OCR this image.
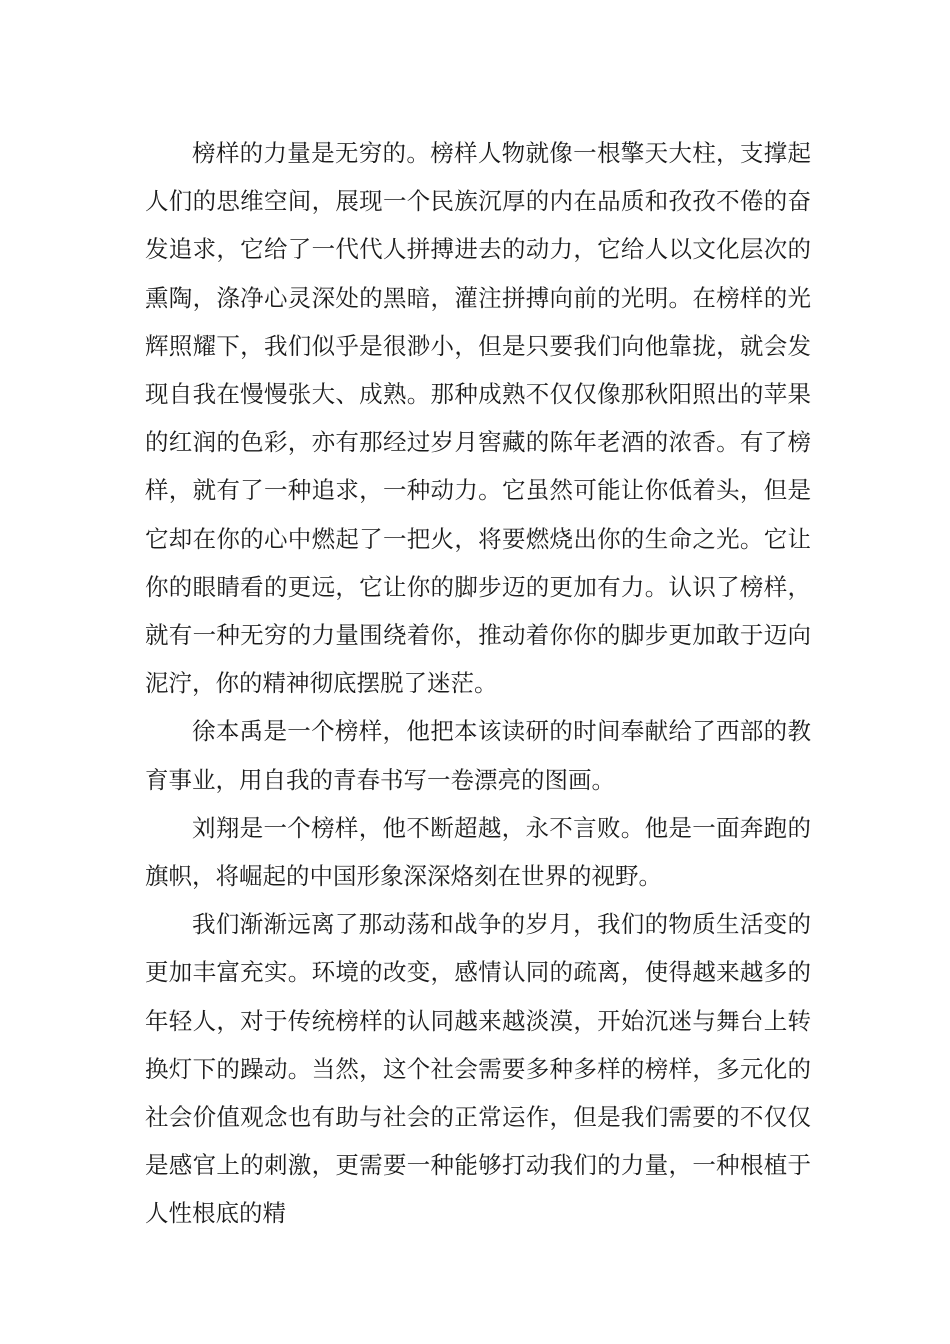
榜样的力量是无穷的。榜样人物就像一根擎天大柱，支撑起人们的思维空间，展现一个民族沉厚的内在品质和孜孜不倦的奋发追求，它给了一代代人拼搏进去的动力，它给人以文化层次的熏陶，涤净心灵深处的黑暗，灌注拼搏向前的光明。在榜样的光辉照耀下，我们似乎是很渺小，但是只要我们向他靠拢，就会发现自我在慢慢张大、成熟。那种成熟不仅仅像那秋阳照出的苹果的红润的色彩，亦有那经过岁月窖藏的陈年老酒的浓香。有了榜样，就有了一种追求，一种动力。它虽然可能让你低着头，但是它却在你的心中燃起了一把火，将要燃烧出你的生命之光。它让你的眼睛看的更远，它让你的脚步迈的更加有力。认识了榜样，就有一种无穷的力量围绕着你，推动着你你的脚步更加敢于迈向泥泞，你的精神彻底摆脱了迷茫。

徐本禹是一个榜样，他把本该读研的时间奉献给了西部的教育事业，用自我的青春书写一卷漂亮的图画。

刘翔是一个榜样，他不断超越，永不言败。他是一面奔跑的旗帜，将崛起的中国形象深深烙刻在世界的视野。

我们渐渐远离了那动荡和战争的岁月，我们的物质生活变的更加丰富充实。环境的改变，感情认同的疏离，使得越来越多的年轻人，对于传统榜样的认同越来越淡漠，开始沉迷与舞台上转换灯下的躁动。当然，这个社会需要多种多样的榜样，多元化的社会价值观念也有助与社会的正常运作，但是我们需要的不仅仅是感官上的刺激，更需要一种能够打动我们的力量，一种根植于人性根底的精
